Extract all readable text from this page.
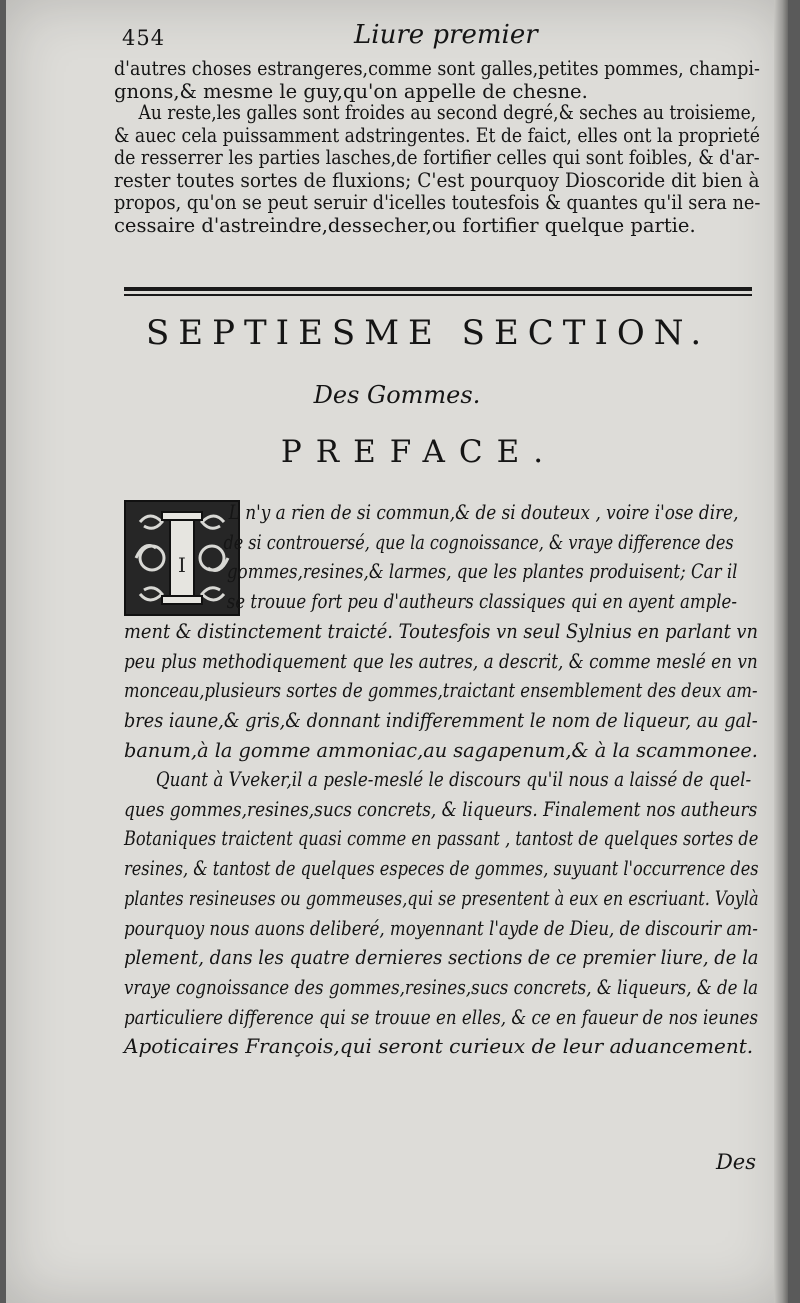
454	Liure premier
d'autres choses estrangeres,comme sont galles,petites pommes, champi-
gnons,& mesme le guy,qu'on appelle de chesne.
Au reste,les galles sont froides au second degré,& seches au troisieme,
& auec cela puissamment adstringentes. Et de faict, elles ont la proprieté
de resserrer les parties lasches,de fortifier celles qui sont foibles, & d'ar-
rester toutes sortes de fluxions; C'est pourquoy Dioscoride dit bien à
propos, qu'on se peut seruir d'icelles toutesfois & quantes qu'il sera ne-
cessaire d'astreindre,dessecher,ou fortifier quelque partie.
SEPTIESME SECTION.
Des Gommes.
PREFACE.
I
L n'y a rien de si commun,& de si douteux , voire i'ose dire,
de si controuersé, que la cognoissance, & vraye difference des
gommes,resines,& larmes, que les plantes produisent; Car il
se trouue fort peu d'autheurs classiques qui en ayent ample-
ment & distinctement traicté. Toutesfois vn seul Sylnius en parlant vn
peu plus methodiquement que les autres, a descrit, & comme meslé en vn
monceau,plusieurs sortes de gommes,traictant ensemblement des deux am-
bres iaune,& gris,& donnant indifferemment le nom de liqueur, au gal-
banum,à la gomme ammoniac,au sagapenum,& à la scammonee.
Quant à Vveker,il a pesle-meslé le discours qu'il nous a laissé de quel-
ques gommes,resines,sucs concrets, & liqueurs. Finalement nos autheurs
Botaniques traictent quasi comme en passant , tantost de quelques sortes de
resines, & tantost de quelques especes de gommes, suyuant l'occurrence des
plantes resineuses ou gommeuses,qui se presentent à eux en escriuant. Voylà
pourquoy nous auons deliberé, moyennant l'ayde de Dieu, de discourir am-
plement, dans les quatre dernieres sections de ce premier liure, de la
vraye cognoissance des gommes,resines,sucs concrets, & liqueurs, & de la
particuliere difference qui se trouue en elles, & ce en faueur de nos ieunes
Apoticaires François,qui seront curieux de leur aduancement.
Des
